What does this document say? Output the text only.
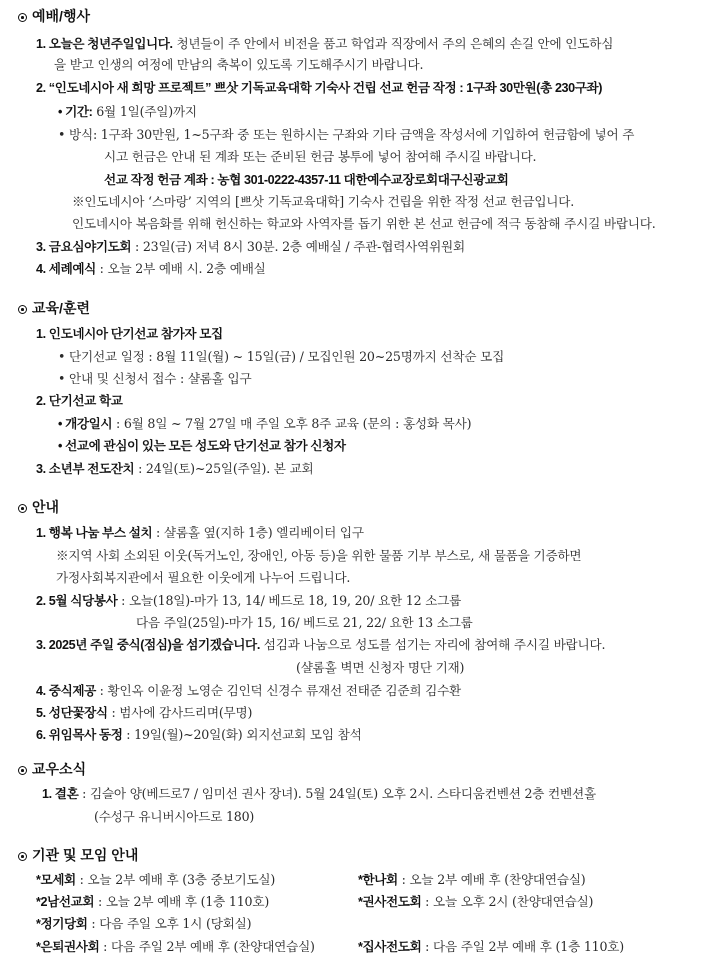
예배/행사
1. 오늘은 청년주일입니다. 청년들이 주 안에서 비전을 품고 학업과 직장에서 주의 은혜의 손길 안에 인도하심
을 받고 인생의 여정에 만남의 축복이 있도록 기도해주시기 바랍니다.
2. “인도네시아 새 희망 프로젝트” 쁘삿 기독교육대학 기숙사 건립 선교 헌금 작정 : 1구좌 30만원(총 230구좌)
• 기간: 6월 1일(주일)까지
• 방식: 1구좌 30만원, 1~5구좌 중 또는 원하시는 구좌와 기타 금액을 작성서에 기입하여 헌금함에 넣어 주
시고 헌금은 안내 된 계좌 또는 준비된 헌금 봉투에 넣어 참여해 주시길 바랍니다.
선교 작정 헌금 계좌 : 농협 301-0222-4357-11 대한예수교장로회대구신광교회
※인도네시아 ‘스마랑’ 지역의 [쁘삿 기독교육대학] 기숙사 건립을 위한 작정 선교 헌금입니다.
인도네시아 복음화를 위해 헌신하는 학교와 사역자를 돕기 위한 본 선교 헌금에 적극 동참해 주시길 바랍니다.
3. 금요심야기도회 : 23일(금) 저녁 8시 30분. 2층 예배실 / 주관-협력사역위원회
4. 세례예식 : 오늘 2부 예배 시. 2층 예배실
교육/훈련
1. 인도네시아 단기선교 참가자 모집
• 단기선교 일정 : 8월 11일(월) ~ 15일(금) / 모집인원 20~25명까지 선착순 모집
• 안내 및 신청서 접수 : 샬롬홀 입구
2. 단기선교 학교
• 개강일시 : 6월 8일 ~ 7월 27일 매 주일 오후 8주 교육 (문의 : 홍성화 목사)
• 선교에 관심이 있는 모든 성도와 단기선교 참가 신청자
3. 소년부 전도잔치 : 24일(토)~25일(주일). 본 교회
안내
1. 행복 나눔 부스 설치 : 샬롬홀 옆(지하 1층) 엘리베이터 입구
※지역 사회 소외된 이웃(독거노인, 장애인, 아동 등)을 위한 물품 기부 부스로, 새 물품을 기증하면
가정사회복지관에서 필요한 이웃에게 나누어 드립니다.
2. 5월 식당봉사 : 오늘(18일)-마가 13, 14/ 베드로 18, 19, 20/ 요한 12 소그룹
다음 주일(25일)-마가 15, 16/ 베드로 21, 22/ 요한 13 소그룹
3. 2025년 주일 중식(점심)을 섬기겠습니다. 섬김과 나눔으로 성도를 섬기는 자리에 참여해 주시길 바랍니다.
(샬롬홀 벽면 신청자 명단 기재)
4. 중식제공 : 황인옥 이윤정 노영순 김인덕 신경수 류재선 전태준 김준희 김수환
5. 성단꽃장식 : 범사에 감사드리며(무명)
6. 위임목사 동정 : 19일(월)~20일(화) 외지선교회 모임 참석
교우소식
1. 결혼 : 김슬아 양(베드로7 / 임미선 권사 장녀). 5월 24일(토) 오후 2시. 스타디움컨벤션 2층 컨벤션홀
(수성구 유니버시아드로 180)
기관 및 모임 안내
*모세회 : 오늘 2부 예배 후 (3층 중보기도실)	*한나회 : 오늘 2부 예배 후 (찬양대연습실)
*2남선교회 : 오늘 2부 예배 후 (1층 110호)	*권사전도회 : 오늘 오후 2시 (찬양대연습실)
*정기당회 : 다음 주일 오후 1시 (당회실)
*은퇴권사회 : 다음 주일 2부 예배 후 (찬양대연습실)	*집사전도회 : 다음 주일 2부 예배 후 (1층 110호)
